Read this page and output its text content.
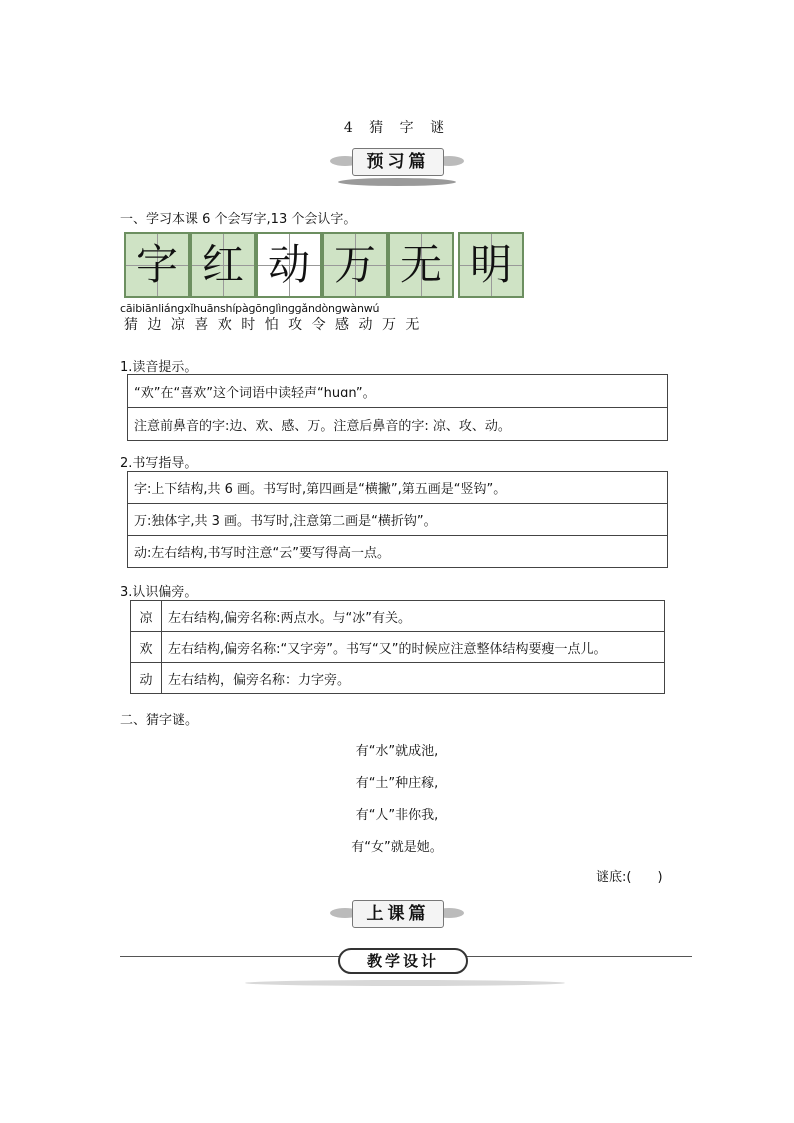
4 猜 字 谜
预习篇
一、学习本课 6 个会写字,13 个会认字。
字 红 动 万 无 明
cāibiānliánɡxǐhuānshípàɡōnɡlìnɡɡǎndònɡwànwú
猜 边 凉 喜 欢 时 怕 攻 令 感 动 万 无
1.读音提示。
“欢”在“喜欢”这个词语中读轻声“huɑn”。
注意前鼻音的字:边、欢、感、万。注意后鼻音的字: 凉、攻、动。
2.书写指导。
字:上下结构,共 6 画。书写时,第四画是“横撇”,第五画是“竖钩”。
万:独体字,共 3 画。书写时,注意第二画是“横折钩”。
动:左右结构,书写时注意“云”要写得高一点。
3.认识偏旁。
凉	左右结构,偏旁名称:两点水。与“冰”有关。
欢	左右结构,偏旁名称:“又字旁”。书写“又”的时候应注意整体结构要瘦一点儿。
动	左右结构，偏旁名称：力字旁。
二、猜字谜。
有“水”就成池,
有“土”种庄稼,
有“人”非你我,
有“女”就是她。
谜底:(　　)
上课篇
教学设计
